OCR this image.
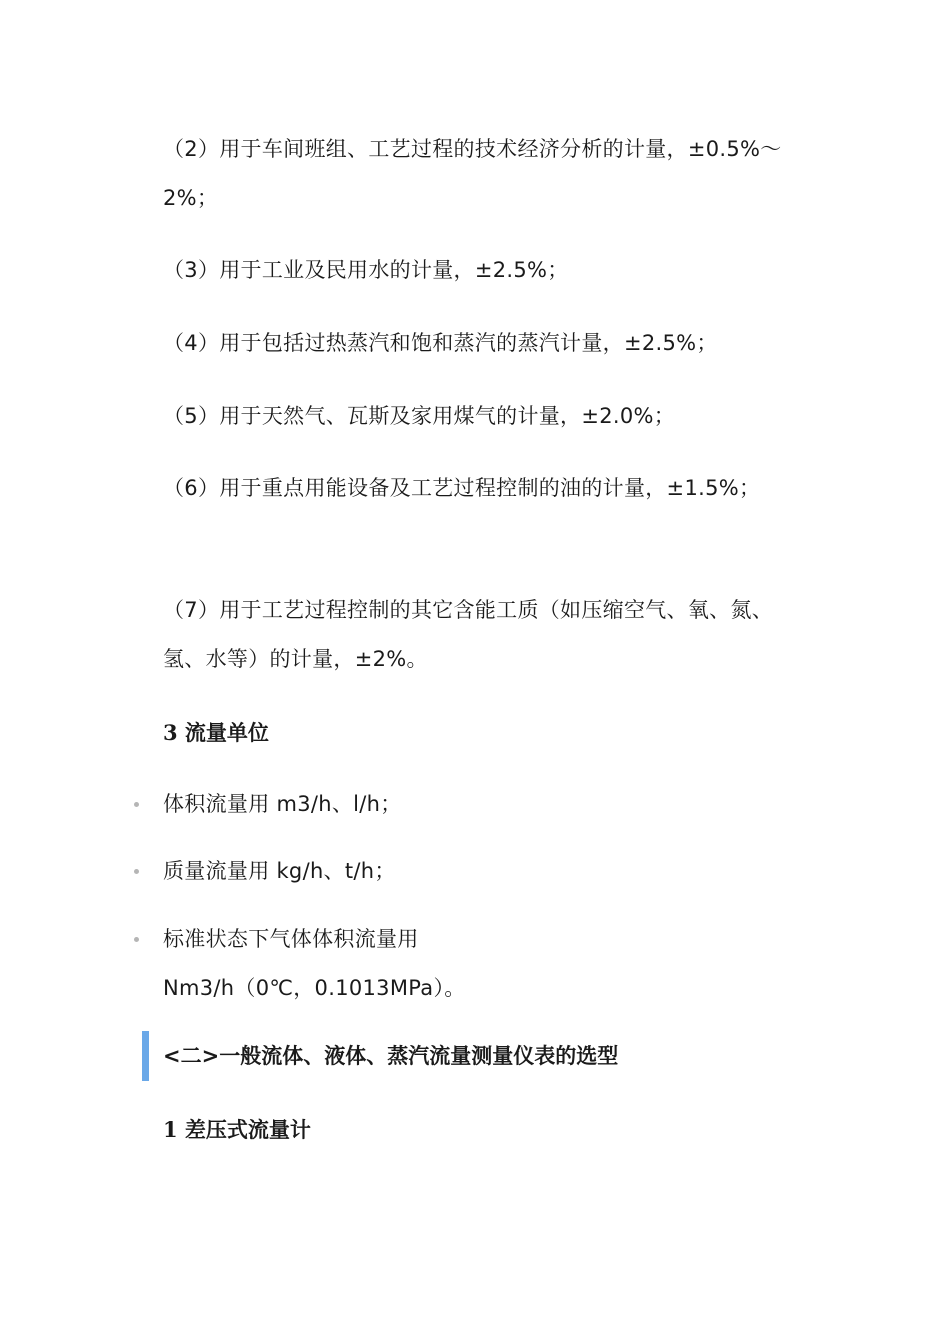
（2）用于车间班组、工艺过程的技术经济分析的计量，±0.5%～2%；

（3）用于工业及民用水的计量，±2.5%；

（4）用于包括过热蒸汽和饱和蒸汽的蒸汽计量，±2.5%；

（5）用于天然气、瓦斯及家用煤气的计量，±2.0%；

（6）用于重点用能设备及工艺过程控制的油的计量，±1.5%；

（7）用于工艺过程控制的其它含能工质（如压缩空气、氧、氮、氢、水等）的计量，±2%。

3 流量单位

体积流量用 m3/h、l/h；

质量流量用 kg/h、t/h；

标准状态下气体体积流量用 Nm3/h（0℃，0.1013MPa）。

<二>一般流体、液体、蒸汽流量测量仪表的选型
1 差压式流量计
